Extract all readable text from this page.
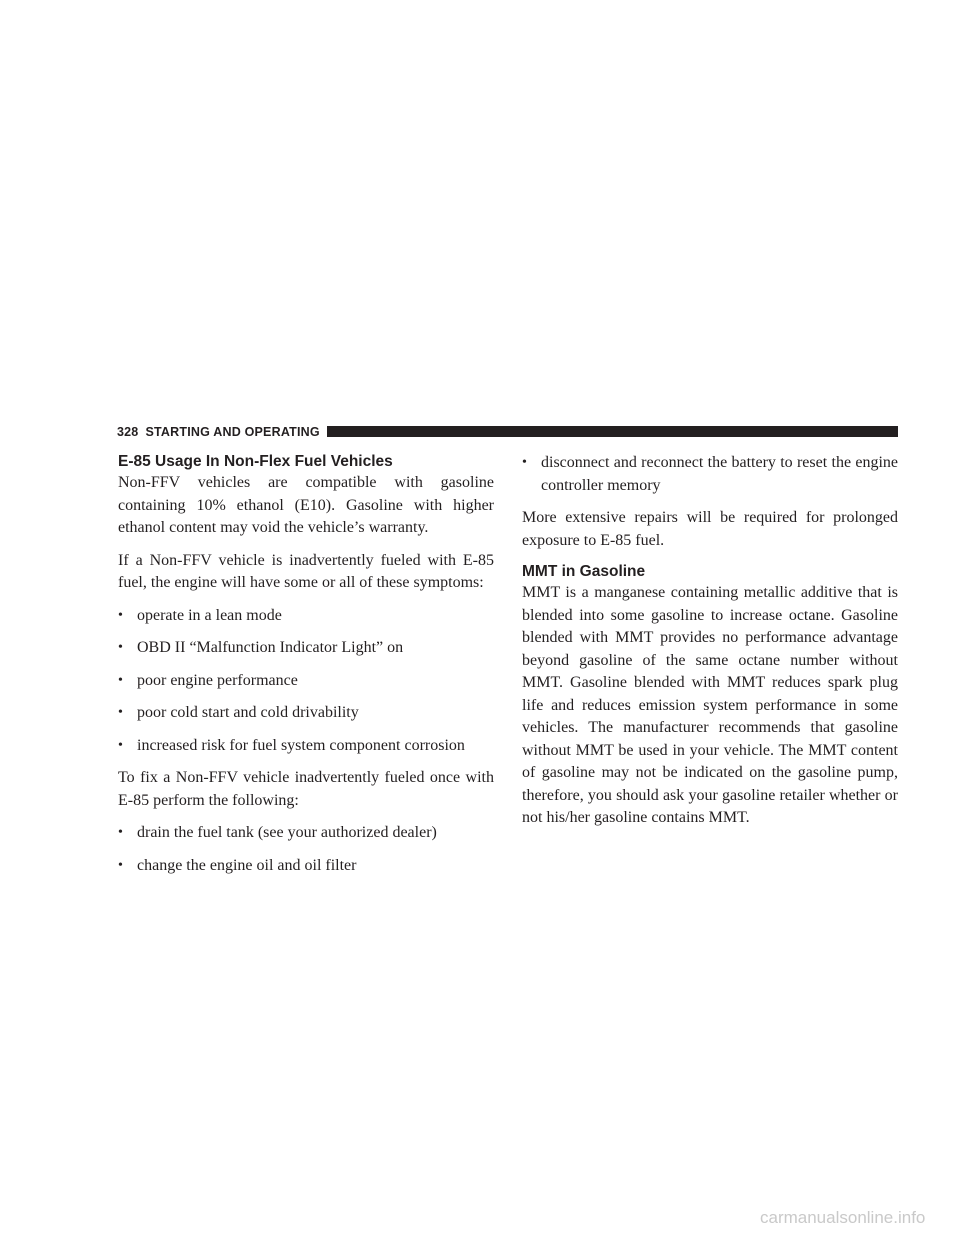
328 STARTING AND OPERATING
E-85 Usage In Non-Flex Fuel Vehicles

Non-FFV vehicles are compatible with gasoline containing 10% ethanol (E10). Gasoline with higher ethanol content may void the vehicle’s warranty.

If a Non-FFV vehicle is inadvertently fueled with E-85 fuel, the engine will have some or all of these symptoms:

• operate in a lean mode
• OBD II “Malfunction Indicator Light” on
• poor engine performance
• poor cold start and cold drivability
• increased risk for fuel system component corrosion

To fix a Non-FFV vehicle inadvertently fueled once with E-85 perform the following:

• drain the fuel tank (see your authorized dealer)
• change the engine oil and oil filter
• disconnect and reconnect the battery to reset the engine controller memory

More extensive repairs will be required for prolonged exposure to E-85 fuel.

MMT in Gasoline

MMT is a manganese containing metallic additive that is blended into some gasoline to increase octane. Gasoline blended with MMT provides no performance advantage beyond gasoline of the same octane number without MMT. Gasoline blended with MMT reduces spark plug life and reduces emission system performance in some vehicles. The manufacturer recommends that gasoline without MMT be used in your vehicle. The MMT content of gasoline may not be indicated on the gasoline pump, therefore, you should ask your gasoline retailer whether or not his/her gasoline contains MMT.

carmanualsonline.info
